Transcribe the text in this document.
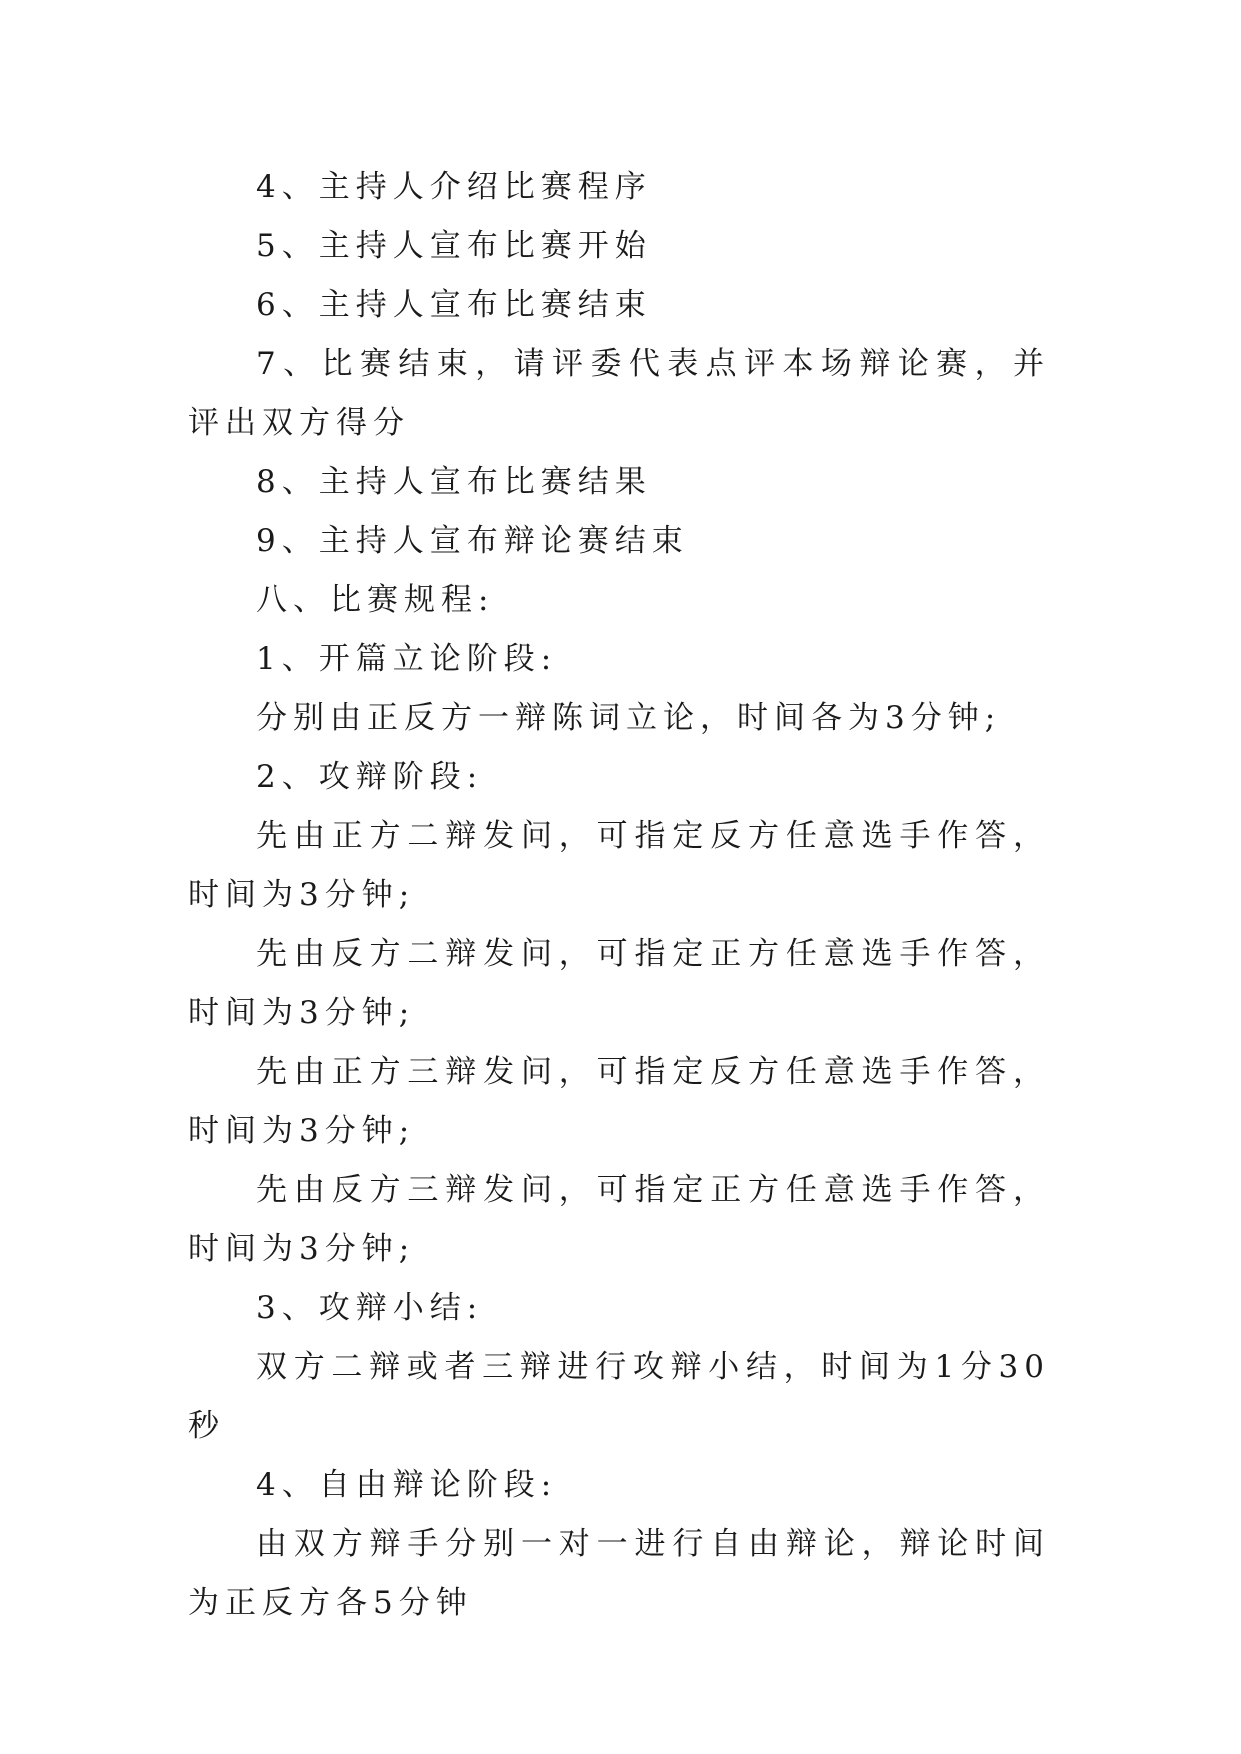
4、主持人介绍比赛程序

5、主持人宣布比赛开始

6、主持人宣布比赛结束

7、比赛结束，请评委代表点评本场辩论赛，并评出双方得分

8、主持人宣布比赛结果

9、主持人宣布辩论赛结束

八、比赛规程:

1、开篇立论阶段:

分别由正反方一辩陈词立论，时间各为3分钟;

2、攻辩阶段:

先由正方二辩发问，可指定反方任意选手作答，时间为3分钟;

先由反方二辩发问，可指定正方任意选手作答，时间为3分钟;

先由正方三辩发问，可指定反方任意选手作答，时间为3分钟;

先由反方三辩发问，可指定正方任意选手作答，时间为3分钟;

3、攻辩小结:

双方二辩或者三辩进行攻辩小结，时间为1分30秒

4、自由辩论阶段:

由双方辩手分别一对一进行自由辩论，辩论时间为正反方各5分钟
